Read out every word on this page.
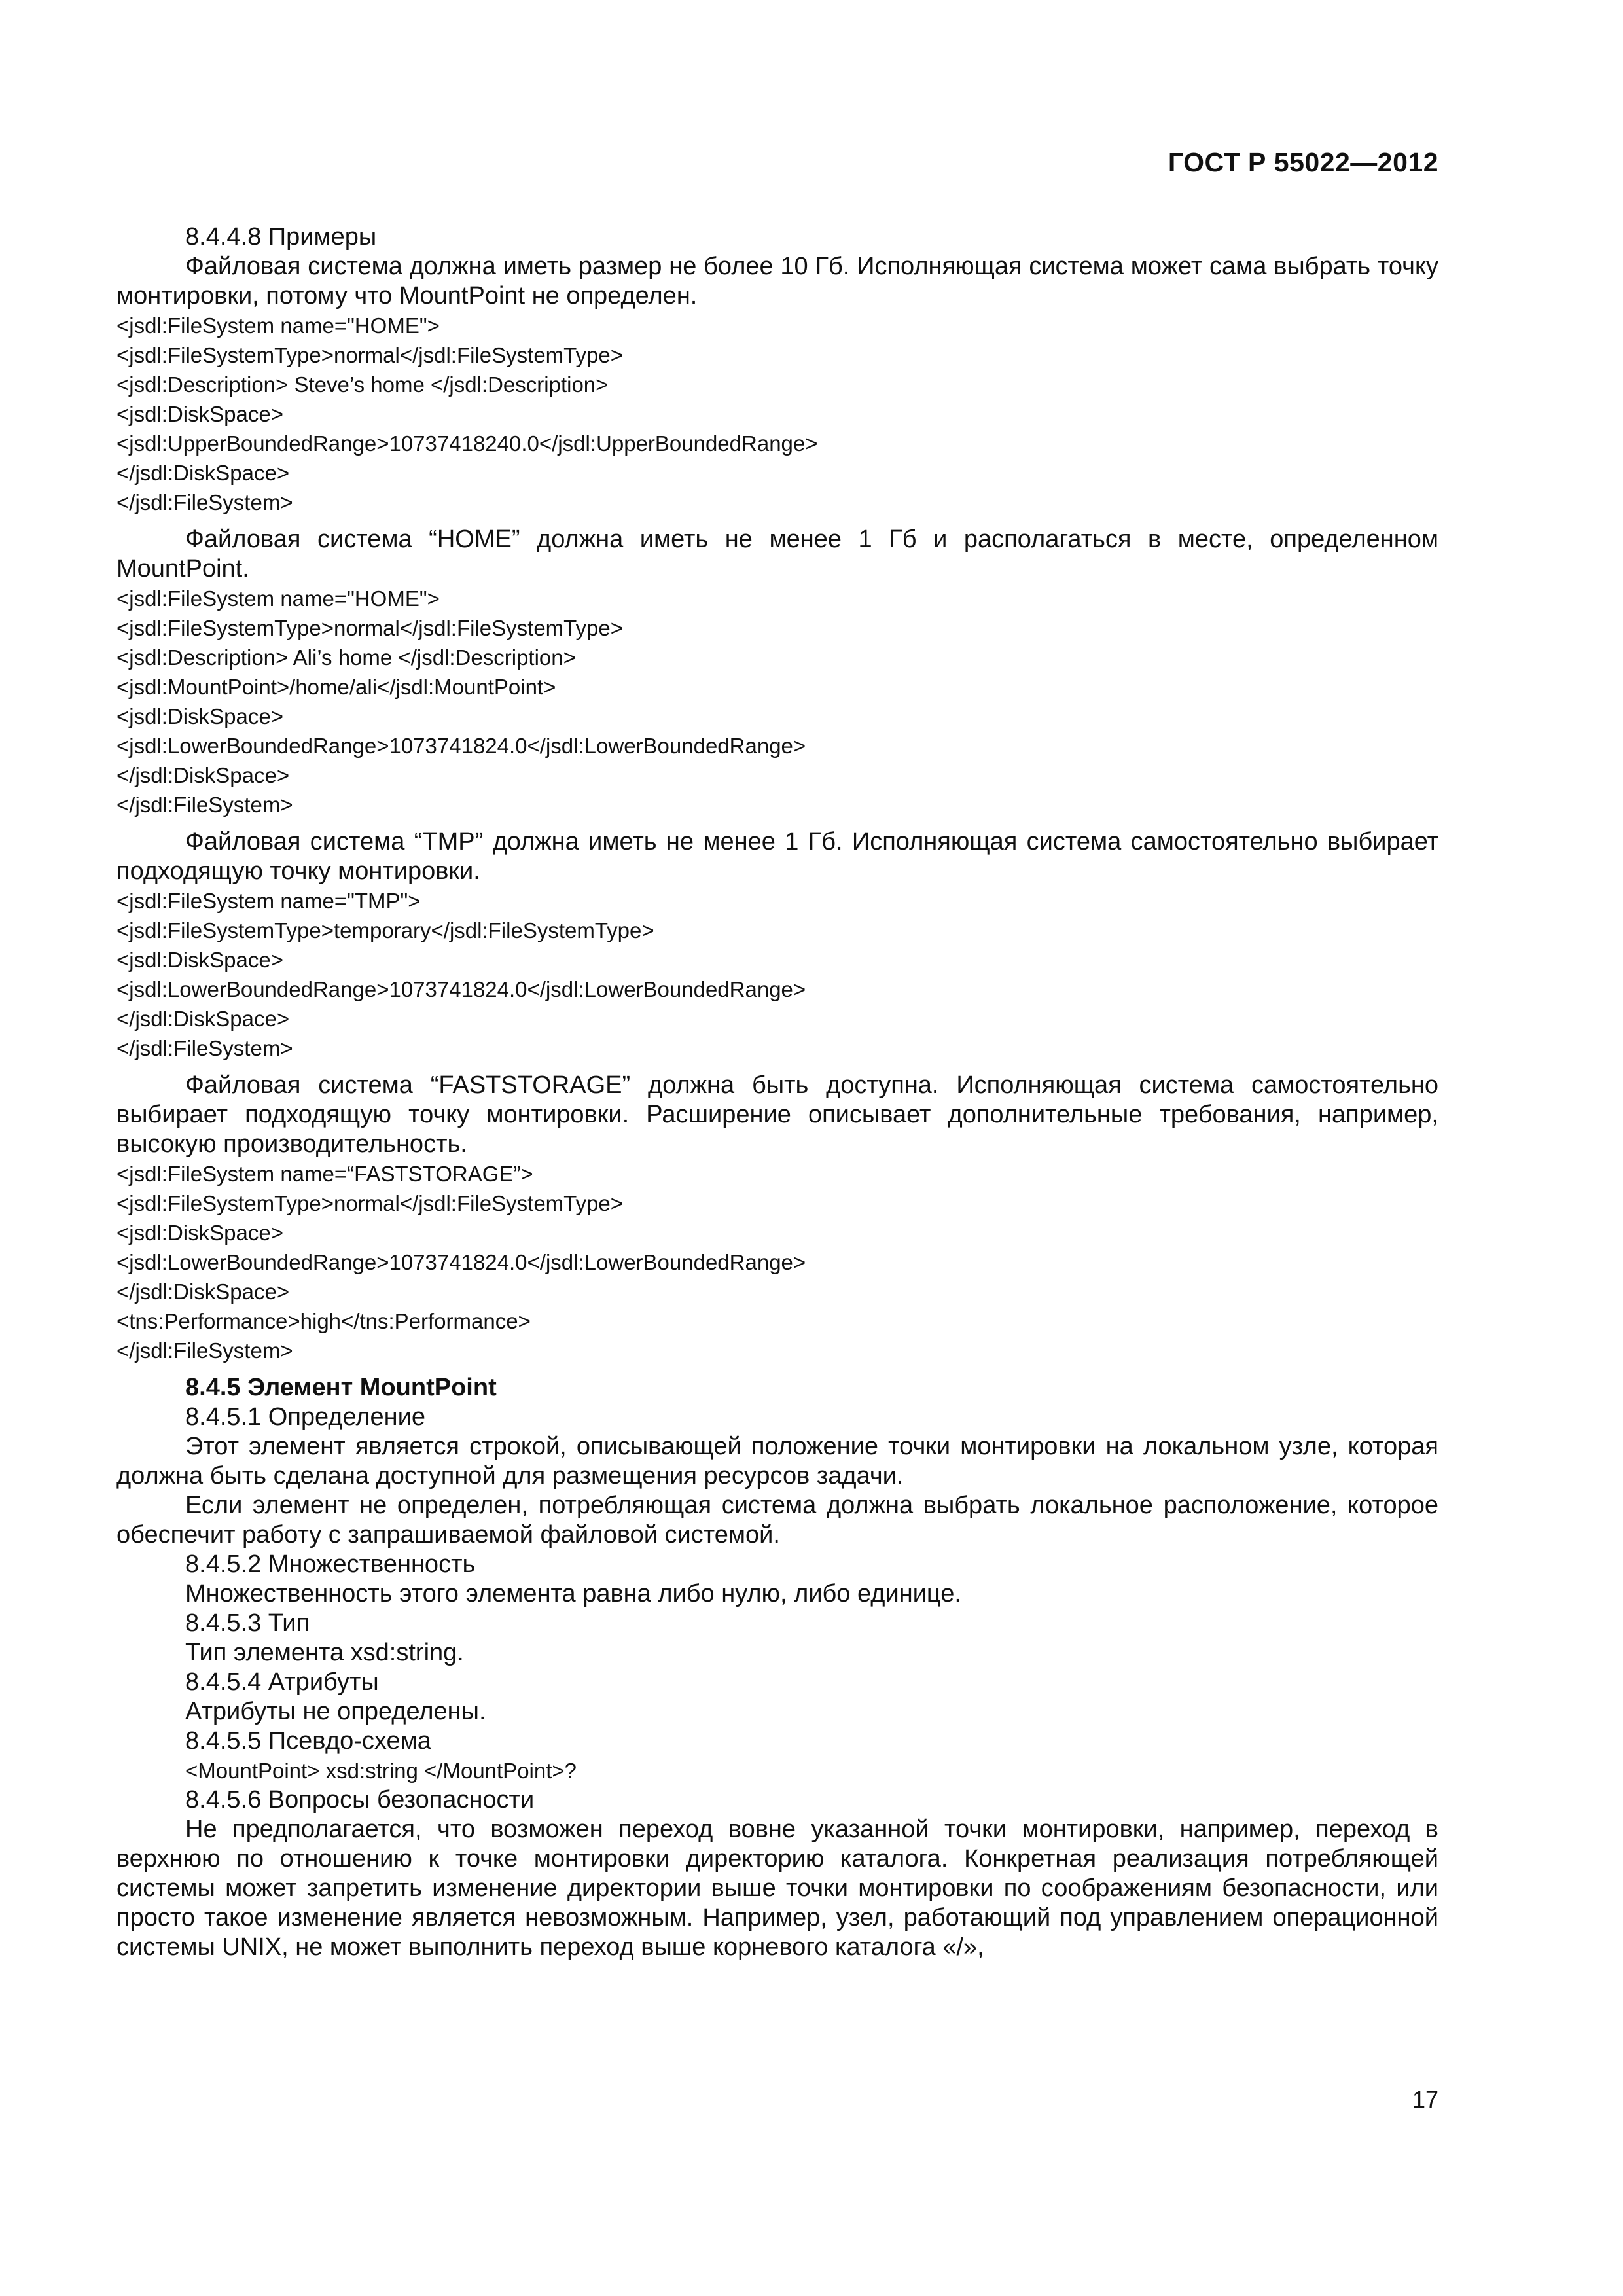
ГОСТ Р 55022—2012

8.4.4.8 Примеры

Файловая система должна иметь размер не более 10 Гб. Исполняющая система может сама выбрать точку монтировки, потому что MountPoint не определен.

<jsdl:FileSystem name="HOME">

<jsdl:FileSystemType>normal</jsdl:FileSystemType>

<jsdl:Description> Steve’s home </jsdl:Description>

<jsdl:DiskSpace>

<jsdl:UpperBoundedRange>10737418240.0</jsdl:UpperBoundedRange>

</jsdl:DiskSpace>

</jsdl:FileSystem>

Файловая система “HOME” должна иметь не менее 1 Гб и располагаться в месте, определенном MountPoint.

<jsdl:FileSystem name="HOME">

<jsdl:FileSystemType>normal</jsdl:FileSystemType>

<jsdl:Description> Ali’s home </jsdl:Description>

<jsdl:MountPoint>/home/ali</jsdl:MountPoint>

<jsdl:DiskSpace>

<jsdl:LowerBoundedRange>1073741824.0</jsdl:LowerBoundedRange>

</jsdl:DiskSpace>

</jsdl:FileSystem>

Файловая система “TMP” должна иметь не менее 1 Гб. Исполняющая система самостоятельно выбирает подходящую точку монтировки.

<jsdl:FileSystem name="TMP">

<jsdl:FileSystemType>temporary</jsdl:FileSystemType>

<jsdl:DiskSpace>

<jsdl:LowerBoundedRange>1073741824.0</jsdl:LowerBoundedRange>

</jsdl:DiskSpace>

</jsdl:FileSystem>

Файловая система “FASTSTORAGE” должна быть доступна. Исполняющая система самостоятельно выбирает подходящую точку монтировки. Расширение описывает дополнительные требования, например, высокую производительность.

<jsdl:FileSystem name=“FASTSTORAGE”>

<jsdl:FileSystemType>normal</jsdl:FileSystemType>

<jsdl:DiskSpace>

<jsdl:LowerBoundedRange>1073741824.0</jsdl:LowerBoundedRange>

</jsdl:DiskSpace>

<tns:Performance>high</tns:Performance>

</jsdl:FileSystem>

8.4.5 Элемент MountPoint

8.4.5.1 Определение

Этот элемент является строкой, описывающей положение точки монтировки на локальном узле, которая должна быть сделана доступной для размещения ресурсов задачи.

Если элемент не определен, потребляющая система должна выбрать локальное расположение, которое обеспечит работу с запрашиваемой файловой системой.

8.4.5.2 Множественность

Множественность этого элемента равна либо нулю, либо единице.

8.4.5.3 Тип

Тип элемента xsd:string.

8.4.5.4 Атрибуты

Атрибуты не определены.

8.4.5.5 Псевдо-схема

<MountPoint> xsd:string </MountPoint>?

8.4.5.6 Вопросы безопасности

Не предполагается, что возможен переход вовне указанной точки монтировки, например, переход в верхнюю по отношению к точке монтировки директорию каталога. Конкретная реализация потребляющей системы может запретить изменение директории выше точки монтировки по соображениям безопасности, или просто такое изменение является невозможным. Например, узел, работающий под управлением операционной системы UNIX, не может выполнить переход выше корневого каталога «/»,

17
